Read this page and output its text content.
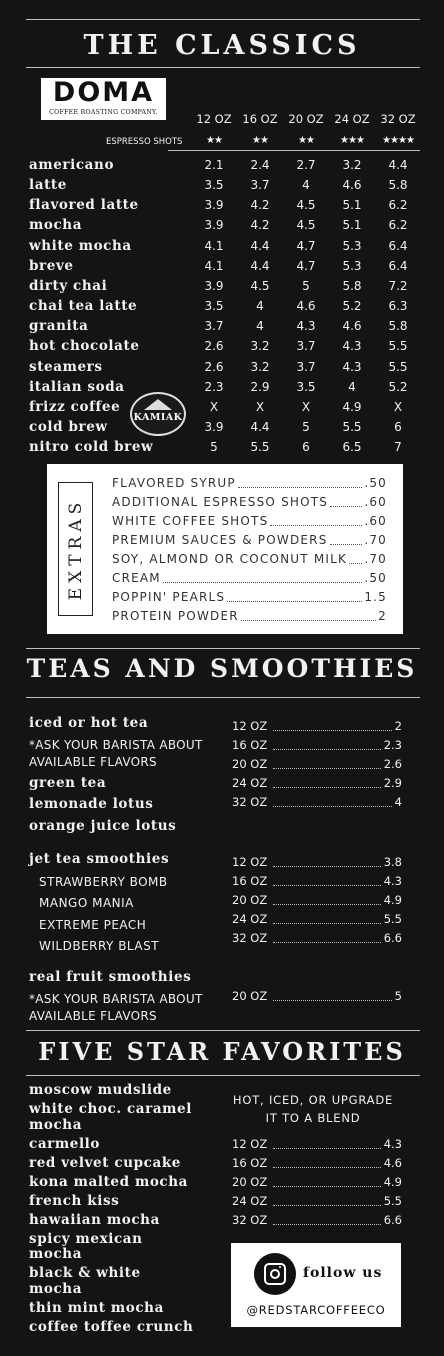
THE CLASSICS
DOMA
COFFEE ROASTING COMPANY.	12 OZ 16 OZ 20 OZ 24 OZ 32 OZ
ESPRESSO SHOTS	★★	★★	★★	★★★	★★★★
americano	2.1	2.4	2.7	3.2	4.4
latte	3.5	3.7	4	4.6	5.8
flavored latte	3.9	4.2	4.5	5.1	6.2
mocha	3.9	4.2	4.5	5.1	6.2
white mocha	4.1	4.4	4.7	5.3	6.4
breve	4.1	4.4	4.7	5.3	6.4
dirty chai	3.9	4.5	5	5.8	7.2
chai tea latte	3.5	4	4.6	5.2	6.3
granita	3.7	4	4.3	4.6	5.8
hot chocolate	2.6	3.2	3.7	4.3	5.5
steamers	2.6	3.2	3.7	4.3	5.5
italian soda	2.3	2.9	3.5	4	5.2
frizz coffee	X	X	X	4.9	X
cold brew	3.9	4.4	5	5.5	6
nitro cold brew	5	5.5	6	6.5	7
KAMIAK
EXTRAS
FLAVORED SYRUP	.50
ADDITIONAL ESPRESSO SHOTS	.60
WHITE COFFEE SHOTS	.60
PREMIUM SAUCES & POWDERS	.70
SOY, ALMOND OR COCONUT MILK .70
CREAM	.50
POPPIN' PEARLS	1.5
PROTEIN POWDER	2
TEAS AND SMOOTHIES
iced or hot tea
*ASK YOUR BARISTA ABOUT
AVAILABLE FLAVORS
green tea
lemonade lotus
orange juice lotus
12 OZ	2
16 OZ	2.3
20 OZ	2.6
24 OZ	2.9
32 OZ	4
jet tea smoothies
STRAWBERRY BOMB
MANGO MANIA
EXTREME PEACH
WILDBERRY BLAST
12 OZ	3.8
16 OZ	4.3
20 OZ	4.9
24 OZ	5.5
32 OZ	6.6
real fruit smoothies
*ASK YOUR BARISTA ABOUT
AVAILABLE FLAVORS
20 OZ	5
FIVE STAR FAVORITES
moscow mudslide
white choc. caramel
mocha
carmello
red velvet cupcake
kona malted mocha
french kiss
hawaiian mocha
spicy mexican
mocha
black & white
mocha
thin mint mocha
coffee toffee crunch
HOT, ICED, OR UPGRADE
IT TO A BLEND
12 OZ	4.3
16 OZ	4.6
20 OZ	4.9
24 OZ	5.5
32 OZ	6.6
follow us
@REDSTARCOFFEECO
